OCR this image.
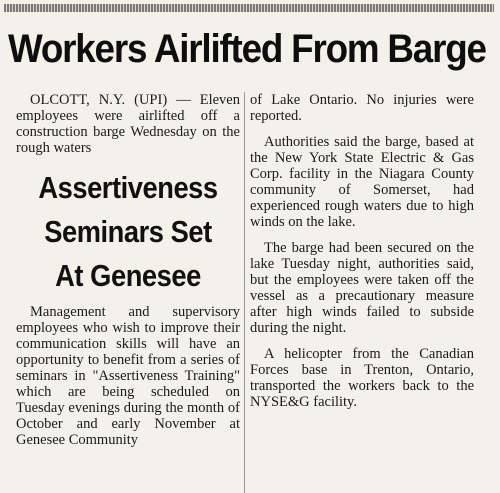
Workers Airlifted From Barge

OLCOTT, N.Y. (UPI) — Eleven employees were airlifted off a construction barge Wednesday on the rough waters

Assertiveness
Seminars Set
At Genesee

Management and supervisory employees who wish to improve their communication skills will have an opportunity to benefit from a series of seminars in "Assertiveness Training" which are being scheduled on Tuesday evenings during the month of October and early November at Genesee Community

of Lake Ontario. No injuries were reported.

Authorities said the barge, based at the New York State Electric & Gas Corp. facility in the Niagara County community of Somerset, had experienced rough waters due to high winds on the lake.

The barge had been secured on the lake Tuesday night, authorities said, but the employees were taken off the vessel as a precautionary measure after high winds failed to subside during the night.

A helicopter from the Canadian Forces base in Trenton, Ontario, transported the workers back to the NYSE&G facility.
